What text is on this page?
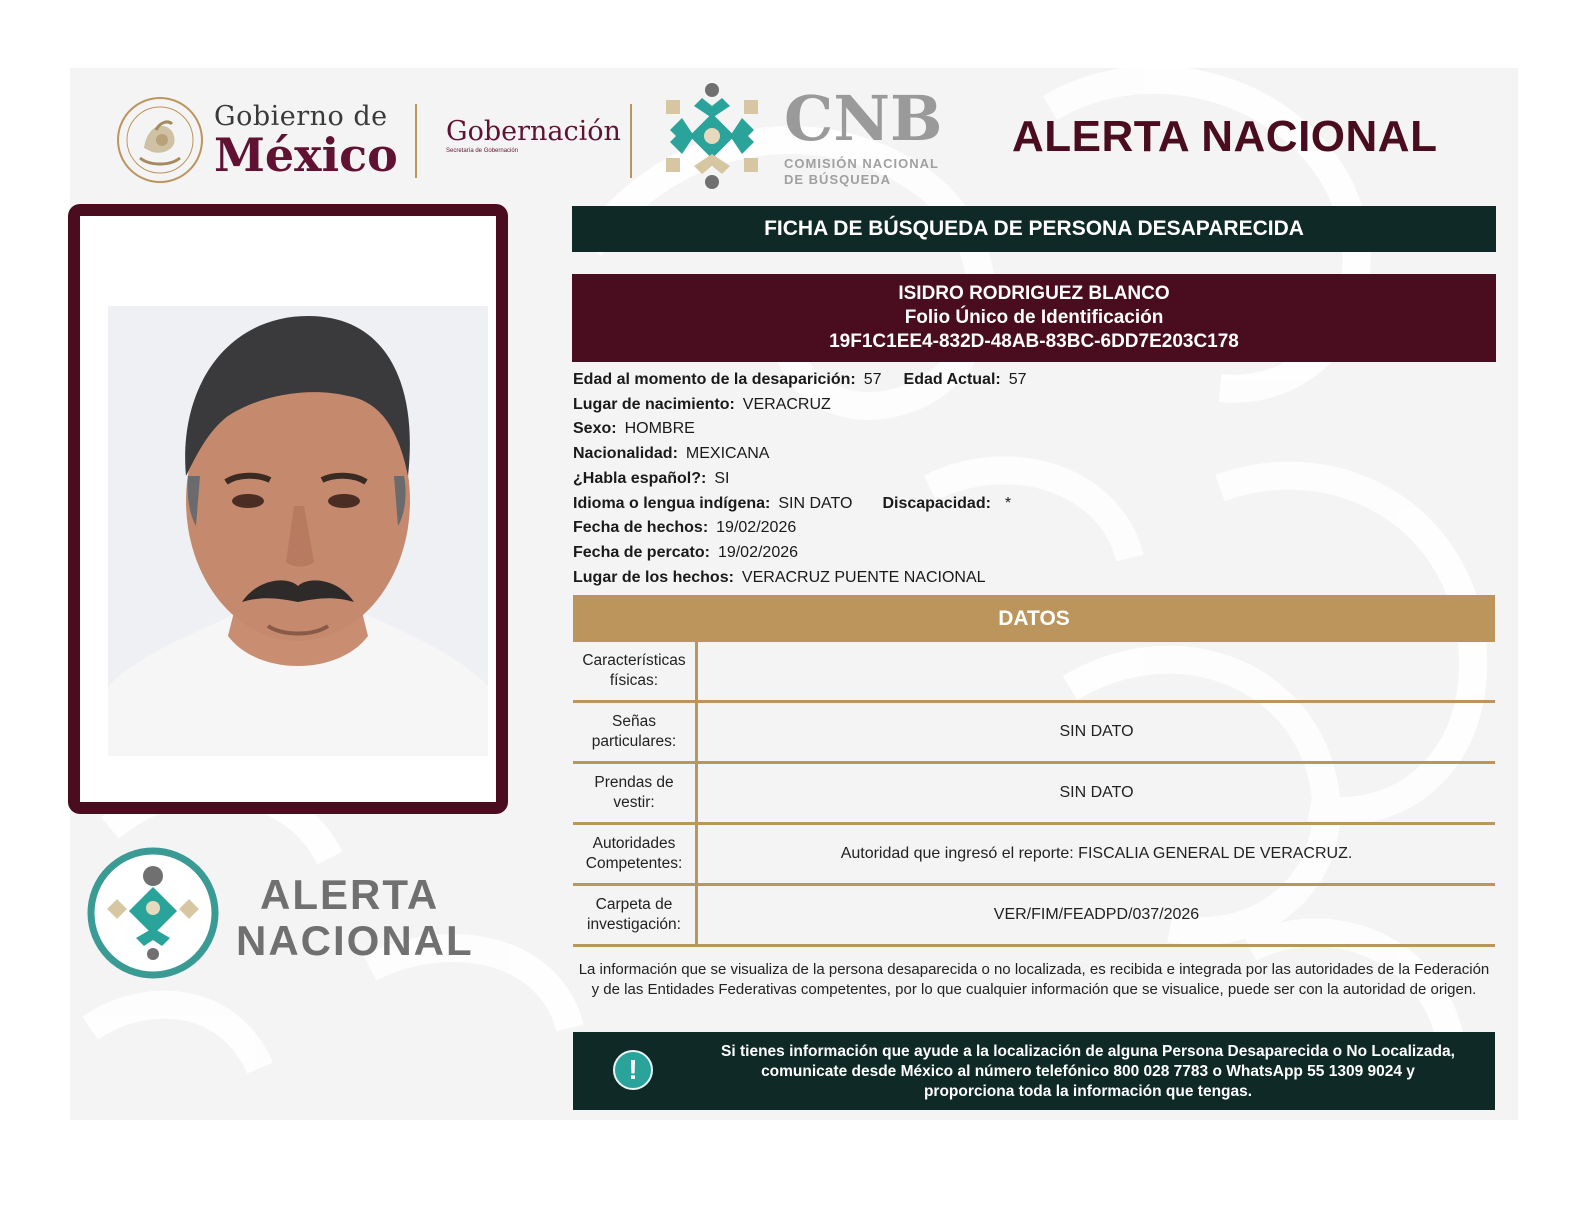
Gobierno de
México Gobernación
Secretaría de Gobernación	CNB
COMISIÓN NACIONAL
DE BÚSQUEDA
ALERTA NACIONAL
ALERTA
NACIONAL
FICHA DE BÚSQUEDA DE PERSONA DESAPARECIDA
ISIDRO RODRIGUEZ BLANCO
Folio Único de Identificación
19F1C1EE4-832D-48AB-83BC-6DD7E203C178
Edad al momento de la desaparición: 57 Edad Actual: 57
Lugar de nacimiento: VERACRUZ
Sexo: HOMBRE
Nacionalidad: MEXICANA
¿Habla español?: SI
Idioma o lengua indígena: SIN DATO Discapacidad: *
Fecha de hechos: 19/02/2026
Fecha de percato: 19/02/2026
Lugar de los hechos: VERACRUZ PUENTE NACIONAL
DATOS
Características
físicas:
Señas
particulares:
SIN DATO
Prendas de
vestir:
SIN DATO
Autoridades
Competentes:
Autoridad que ingresó el reporte: FISCALIA GENERAL DE VERACRUZ.
Carpeta de
investigación:
VER/FIM/FEADPD/037/2026
La información que se visualiza de la persona desaparecida o no localizada, es recibida e integrada por las autoridades de la Federación y de las Entidades Federativas competentes, por lo que cualquier información que se visualice, puede ser con la autoridad de origen.
!
Si tienes información que ayude a la localización de alguna Persona Desaparecida o No Localizada,
comunicate desde México al número telefónico 800 028 7783 o WhatsApp 55 1309 9024 y
proporciona toda la información que tengas.
